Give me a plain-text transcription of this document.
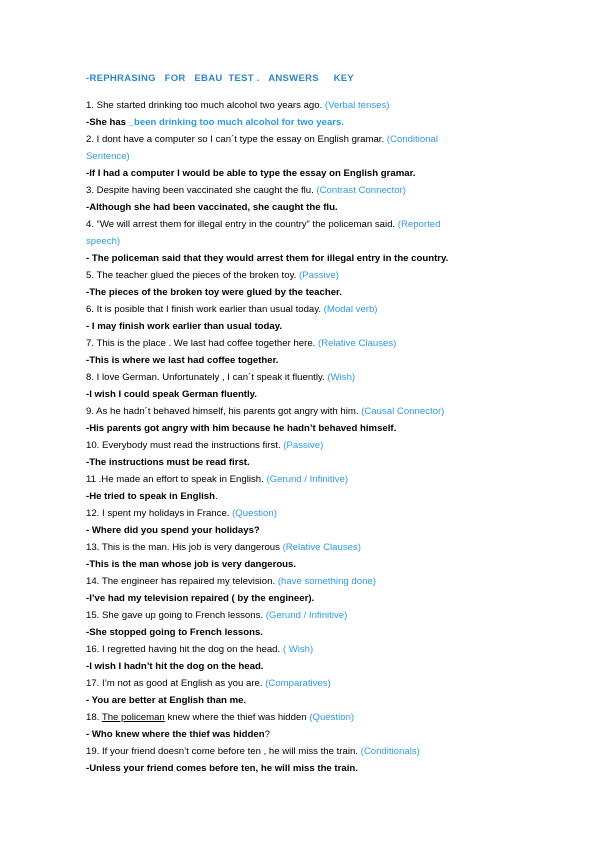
-REPHRASING   FOR   EBAU  TEST .   ANSWERS     KEY
1. She started drinking too much alcohol two years ago. (Verbal tenses)
-She has _been drinking too much alcohol for two years.
2. I dont have a computer so I can´t type the essay on English gramar. (Conditional
Sentence)
-If I had a computer I would be able to type the essay on English gramar.
3. Despite having been vaccinated she caught the flu. (Contrast Connector)
-Although she had been vaccinated, she caught the flu.
4. “We will arrest them for illegal entry in the country” the policeman said. (Reported
speech)
- The policeman said that they would arrest them for illegal entry in the country.
5. The teacher glued the pieces of the broken toy. (Passive)
-The pieces of the broken toy were glued by the teacher.
6. It is posible that I finish work earlier than usual today. (Modal verb)
- I may finish work earlier than usual today.
7. This is the place . We last had coffee together here. (Relative Clauses)
-This is where we last had coffee together.
8. I love German. Unfortunately , I can´t speak it fluently. (Wish)
-I wish I could speak German fluently.
9. As he hadn´t behaved himself, his parents got angry with him. (Causal Connector)
-His parents got angry with him because he hadn’t behaved himself.
10. Everybody must read the instructions first. (Passive)
-The instructions must be read first.
11 .He made an effort to speak in English. (Gerund / Infinitive)
-He tried to speak in English.
12. I spent my holidays in France. (Question)
- Where did you spend your holidays?
13. This is the man. His job is very dangerous (Relative Clauses)
-This is the man whose job is very dangerous.
14. The engineer has repaired my television. (have something done)
-I’ve had my television repaired ( by the engineer).
15. She gave up going to French lessons. (Gerund / Infinitive)
-She stopped going to French lessons.
16. I regretted having hit the dog on the head. ( Wish)
-I wish I hadn’t hit the dog on the head.
17. I’m not as good at English as you are. (Comparatives)
- You are better at English than me.
18. The policeman knew where the thief was hidden (Question)
- Who knew where the thief was hidden?
19. If your friend doesn’t come before ten , he will miss the train. (Conditionals)
-Unless your friend comes before ten, he will miss the train.
